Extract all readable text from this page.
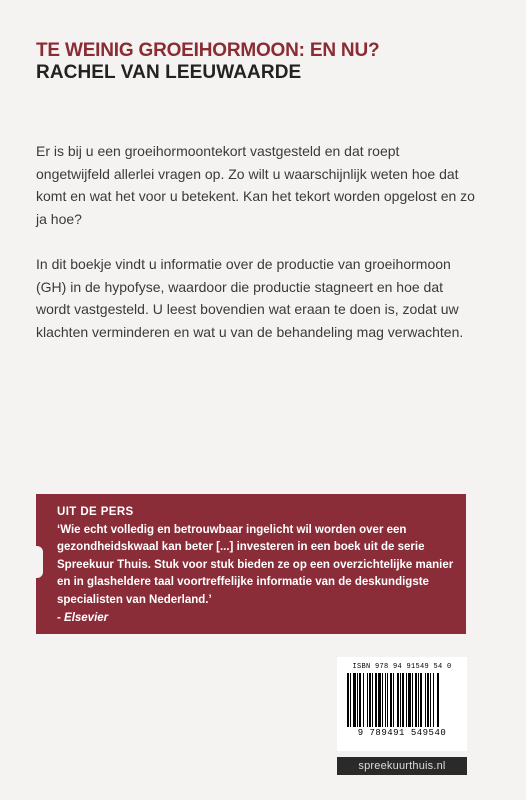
TE WEINIG GROEIHORMOON: EN NU?
RACHEL VAN LEEUWAARDE

Er is bij u een groeihormoontekort vastgesteld en dat roept ongetwijfeld allerlei vragen op. Zo wilt u waarschijnlijk weten hoe dat komt en wat het voor u betekent. Kan het tekort worden opgelost en zo ja hoe?

In dit boekje vindt u informatie over de productie van groeihormoon (GH) in de hypofyse, waardoor die productie stagneert en hoe dat wordt vastgesteld. U leest bovendien wat eraan te doen is, zodat uw klachten verminderen en wat u van de behandeling mag verwachten.

UIT DE PERS

‘Wie echt volledig en betrouwbaar ingelicht wil worden over een gezondheidskwaal kan beter [...] investeren in een boek uit de serie Spreekuur Thuis. Stuk voor stuk bieden ze op een overzichtelijke manier en in glasheldere taal voortreffelijke informatie van de deskundigste specialisten van Nederland.’

- Elsevier
ISBN 978 94 91549 54 0
9 789491 549540
spreekuurthuis.nl
